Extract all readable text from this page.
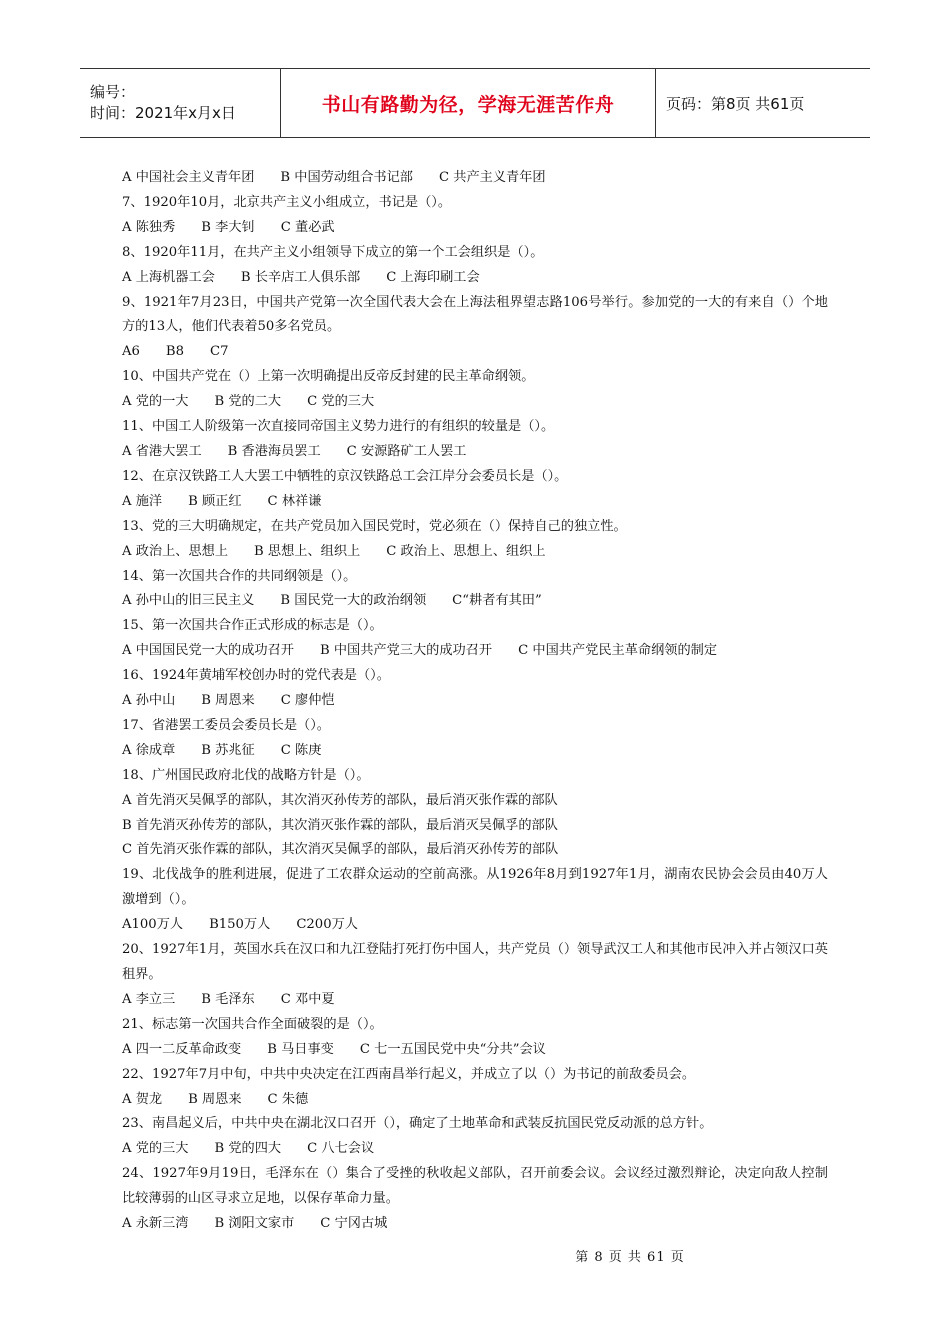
编号：
时间：2021年x月x日	书山有路勤为径，学海无涯苦作舟	页码：第8页 共61页
A 中国社会主义青年团 B 中国劳动组合书记部 C 共产主义青年团
7、1920年10月，北京共产主义小组成立，书记是（）。
A 陈独秀 B 李大钊 C 董必武
8、1920年11月，在共产主义小组领导下成立的第一个工会组织是（）。
A 上海机器工会 B 长辛店工人俱乐部 C 上海印刷工会
9、1921年7月23日，中国共产党第一次全国代表大会在上海法租界望志路106号举行。参加党的一大的有来自（）个地方的13人，他们代表着50多名党员。
A6 B8 C7
10、中国共产党在（）上第一次明确提出反帝反封建的民主革命纲领。
A 党的一大 B 党的二大 C 党的三大
11、中国工人阶级第一次直接同帝国主义势力进行的有组织的较量是（）。
A 省港大罢工 B 香港海员罢工 C 安源路矿工人罢工
12、在京汉铁路工人大罢工中牺牲的京汉铁路总工会江岸分会委员长是（）。
A 施洋 B 顾正红 C 林祥谦
13、党的三大明确规定，在共产党员加入国民党时，党必须在（）保持自己的独立性。
A 政治上、思想上 B 思想上、组织上 C 政治上、思想上、组织上
14、第一次国共合作的共同纲领是（）。
A 孙中山的旧三民主义 B 国民党一大的政治纲领 C“耕者有其田”
15、第一次国共合作正式形成的标志是（）。
A 中国国民党一大的成功召开 B 中国共产党三大的成功召开 C 中国共产党民主革命纲领的制定
16、1924年黄埔军校创办时的党代表是（）。
A 孙中山 B 周恩来 C 廖仲恺
17、省港罢工委员会委员长是（）。
A 徐成章 B 苏兆征 C 陈庚
18、广州国民政府北伐的战略方针是（）。
A 首先消灭吴佩孚的部队，其次消灭孙传芳的部队，最后消灭张作霖的部队
B 首先消灭孙传芳的部队，其次消灭张作霖的部队，最后消灭吴佩孚的部队
C 首先消灭张作霖的部队，其次消灭吴佩孚的部队，最后消灭孙传芳的部队
19、北伐战争的胜利进展，促进了工农群众运动的空前高涨。从1926年8月到1927年1月，湖南农民协会会员由40万人激增到（）。
A100万人 B150万人 C200万人
20、1927年1月，英国水兵在汉口和九江登陆打死打伤中国人，共产党员（）领导武汉工人和其他市民冲入并占领汉口英租界。
A 李立三 B 毛泽东 C 邓中夏
21、标志第一次国共合作全面破裂的是（）。
A 四一二反革命政变 B 马日事变 C 七一五国民党中央“分共”会议
22、1927年7月中旬，中共中央决定在江西南昌举行起义，并成立了以（）为书记的前敌委员会。
A 贺龙 B 周恩来 C 朱德
23、南昌起义后，中共中央在湖北汉口召开（），确定了土地革命和武装反抗国民党反动派的总方针。
A 党的三大 B 党的四大 C 八七会议
24、1927年9月19日，毛泽东在（）集合了受挫的秋收起义部队，召开前委会议。会议经过激烈辩论，决定向敌人控制比较薄弱的山区寻求立足地，以保存革命力量。
A 永新三湾 B 浏阳文家市 C 宁冈古城
第 8 页 共 61 页
